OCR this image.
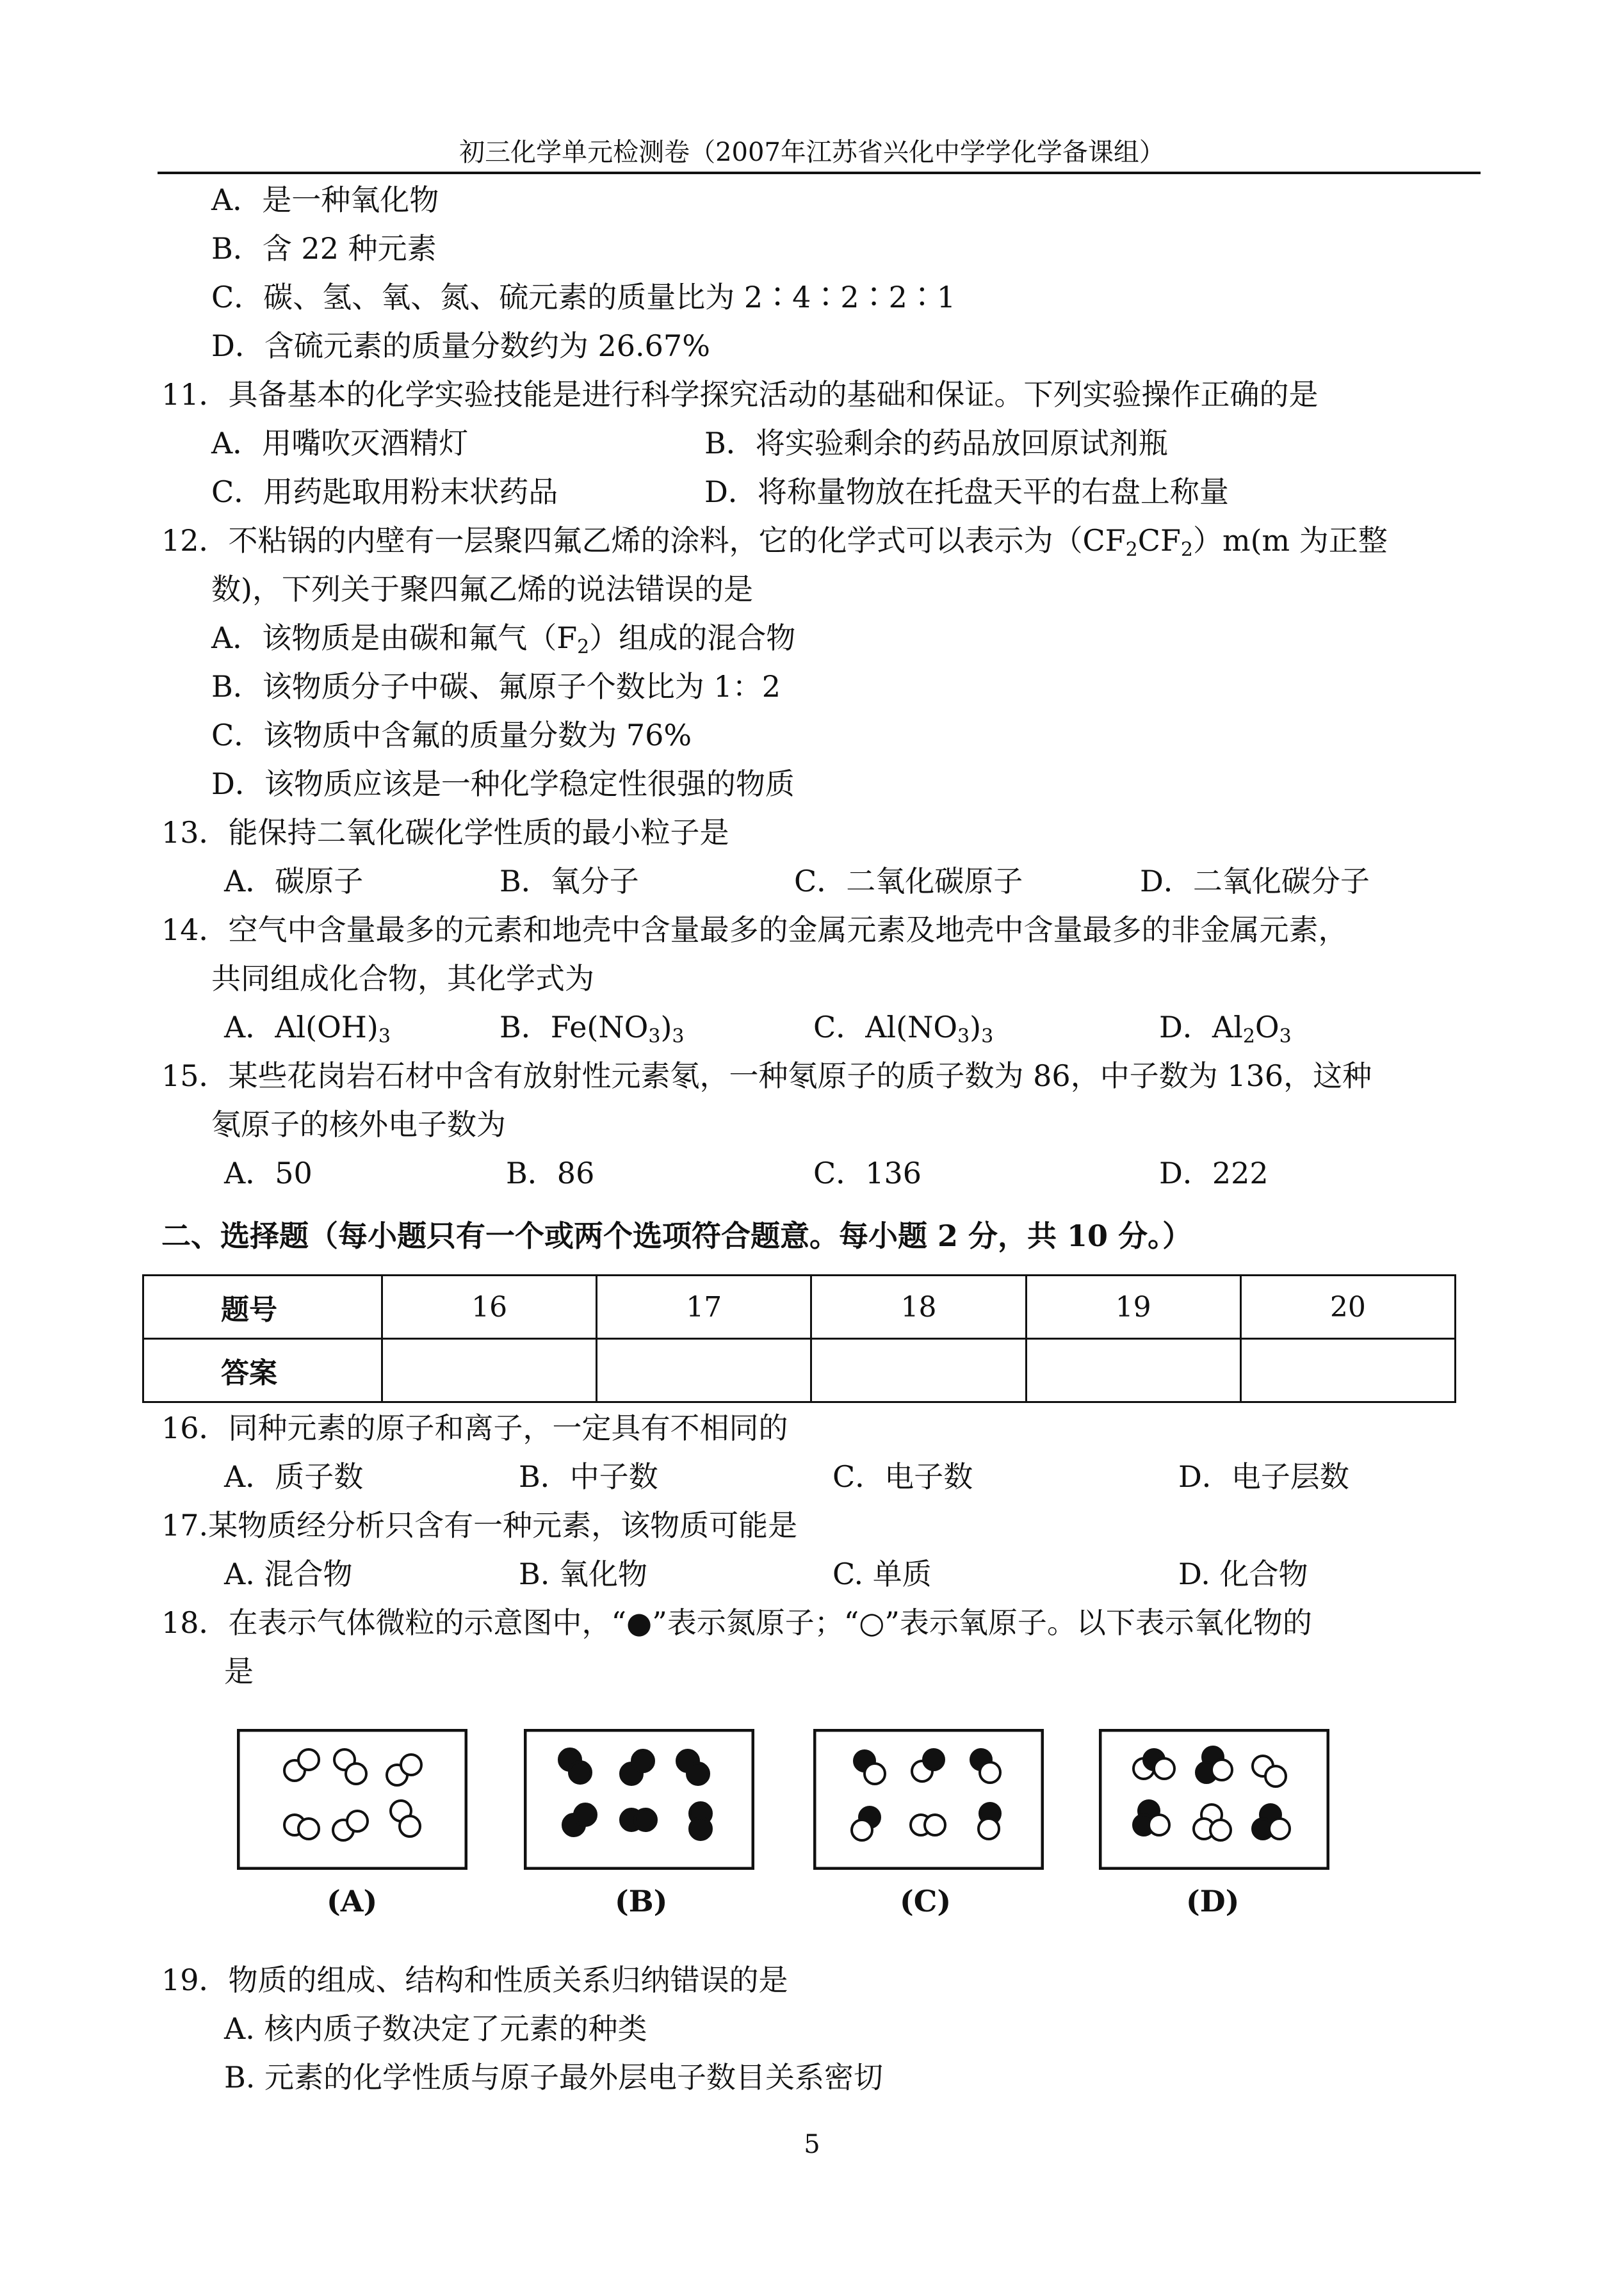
初三化学单元检测卷（2007年江苏省兴化中学学化学备课组）
A．是一种氧化物
B．含 22 种元素
C．碳、氢、氧、氮、硫元素的质量比为 2∶4∶2∶2∶1
D．含硫元素的质量分数约为 26.67%
11．具备基本的化学实验技能是进行科学探究活动的基础和保证。下列实验操作正确的是
A．用嘴吹灭酒精灯	B．将实验剩余的药品放回原试剂瓶
C．用药匙取用粉末状药品	D．将称量物放在托盘天平的右盘上称量
12．不粘锅的内壁有一层聚四氟乙烯的涂料，它的化学式可以表示为$(CF_2CF_2)m(m$ 为正整
数)，下列关于聚四氟乙烯的说法错误的是
A．该物质是由碳和氟气$(F_2)$组成的混合物
B．该物质分子中碳、氟原子个数比为 1：2
C．该物质中含氟的质量分数为 76%
D．该物质应该是一种化学稳定性很强的物质
13．能保持二氧化碳化学性质的最小粒子是
A．碳原子	B．氧分子	C．二氧化碳原子	D．二氧化碳分子
14．空气中含量最多的元素和地壳中含量最多的金属元素及地壳中含量最多的非金属元素，
共同组成化合物，其化学式为
A．$Al(OH)_3$	B．$Fe(NO_3)_3$	C．$Al(NO_3)_3$	D．$Al_2O_3$
15．某些花岗岩石材中含有放射性元素氡，一种氡原子的质子数为 86，中子数为 136，这种
氡原子的核外电子数为
A．50	B．86	C．136	D．222
二、选择题（每小题只有一个或两个选项符合题意。每小题 2 分，共 10 分。）
题号	16	17	18	19	20
答案					
16．同种元素的原子和离子，一定具有不相同的
A．质子数	B．中子数	C．电子数	D．电子层数
17.某物质经分析只含有一种元素，该物质可能是
A. 混合物	B. 氧化物	C. 单质	D. 化合物
18．在表示气体微粒的示意图中，“●”表示氮原子；“○”表示氧原子。以下表示氧化物的
是
(A)	(B)	(C)	(D)
19．物质的组成、结构和性质关系归纳错误的是
A. 核内质子数决定了元素的种类
B. 元素的化学性质与原子最外层电子数目关系密切
5
